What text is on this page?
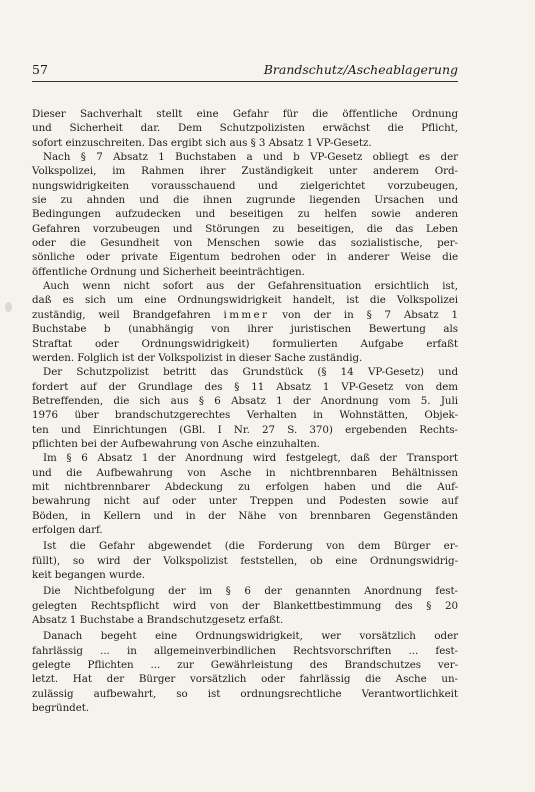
57	Brandschutz/Ascheablagerung
Dieser Sachverhalt stellt eine Gefahr für die öffentliche Ordnung
und Sicherheit dar. Dem Schutzpolizisten erwächst die Pflicht,
sofort einzuschreiten. Das ergibt sich aus § 3 Absatz 1 VP-Gesetz.
Nach § 7 Absatz 1 Buchstaben a und b VP-Gesetz obliegt es der
Volkspolizei, im Rahmen ihrer Zuständigkeit unter anderem Ord-
nungswidrigkeiten vorausschauend und zielgerichtet vorzubeugen,
sie zu ahnden und die ihnen zugrunde liegenden Ursachen und
Bedingungen aufzudecken und beseitigen zu helfen sowie anderen
Gefahren vorzubeugen und Störungen zu beseitigen, die das Leben
oder die Gesundheit von Menschen sowie das sozialistische, per-
sönliche oder private Eigentum bedrohen oder in anderer Weise die
öffentliche Ordnung und Sicherheit beeinträchtigen.
Auch wenn nicht sofort aus der Gefahrensituation ersichtlich ist,
daß es sich um eine Ordnungswidrigkeit handelt, ist die Volkspolizei
zuständig, weil Brandgefahren immer von der in § 7 Absatz 1
Buchstabe b (unabhängig von ihrer juristischen Bewertung als
Straftat oder Ordnungswidrigkeit) formulierten Aufgabe erfaßt
werden. Folglich ist der Volkspolizist in dieser Sache zuständig.
Der Schutzpolizist betritt das Grundstück (§ 14 VP-Gesetz) und
fordert auf der Grundlage des § 11 Absatz 1 VP-Gesetz von dem
Betreffenden, die sich aus § 6 Absatz 1 der Anordnung vom 5. Juli
1976 über brandschutzgerechtes Verhalten in Wohnstätten, Objek-
ten und Einrichtungen (GBl. I Nr. 27 S. 370) ergebenden Rechts-
pflichten bei der Aufbewahrung von Asche einzuhalten.
Im § 6 Absatz 1 der Anordnung wird festgelegt, daß der Transport
und die Aufbewahrung von Asche in nichtbrennbaren Behältnissen
mit nichtbrennbarer Abdeckung zu erfolgen haben und die Auf-
bewahrung nicht auf oder unter Treppen und Podesten sowie auf
Böden, in Kellern und in der Nähe von brennbaren Gegenständen
erfolgen darf.
Ist die Gefahr abgewendet (die Forderung von dem Bürger er-
füllt), so wird der Volkspolizist feststellen, ob eine Ordnungswidrig-
keit begangen wurde.
Die Nichtbefolgung der im § 6 der genannten Anordnung fest-
gelegten Rechtspflicht wird von der Blankettbestimmung des § 20
Absatz 1 Buchstabe a Brandschutzgesetz erfaßt.
Danach begeht eine Ordnungswidrigkeit, wer vorsätzlich oder
fahrlässig ... in allgemeinverbindlichen Rechtsvorschriften ... fest-
gelegte Pflichten ... zur Gewährleistung des Brandschutzes ver-
letzt. Hat der Bürger vorsätzlich oder fahrlässig die Asche un-
zulässig aufbewahrt, so ist ordnungsrechtliche Verantwortlichkeit
begründet.
